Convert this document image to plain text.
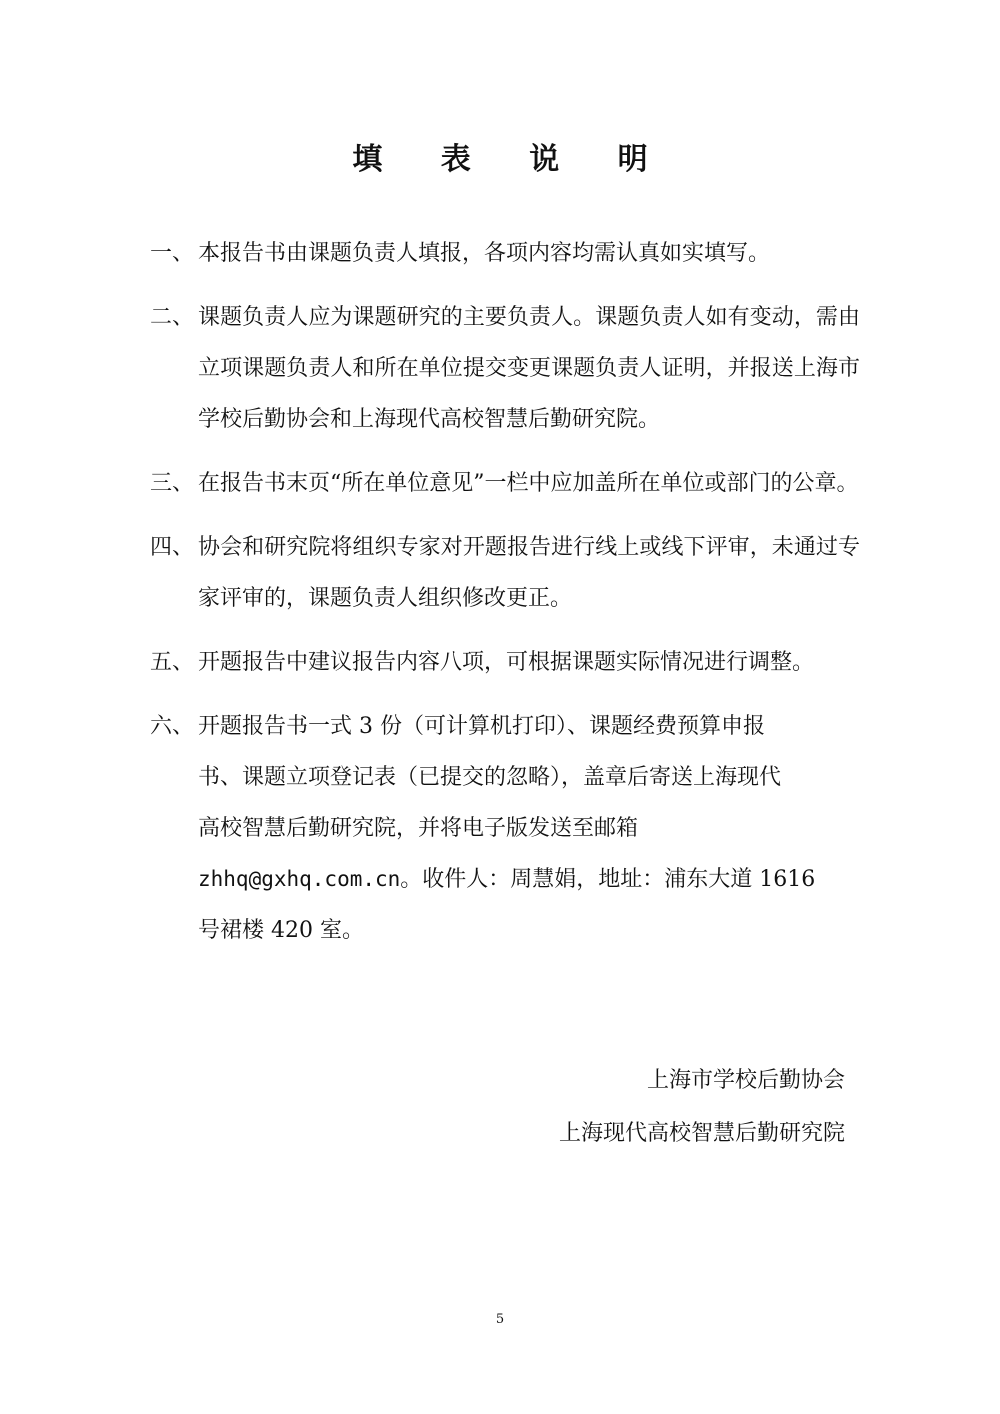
填 表 说 明
一、 本报告书由课题负责人填报，各项内容均需认真如实填写。
二、 课题负责人应为课题研究的主要负责人。课题负责人如有变动，需由立项课题负责人和所在单位提交变更课题负责人证明，并报送上海市学校后勤协会和上海现代高校智慧后勤研究院。
三、 在报告书末页“所在单位意见”一栏中应加盖所在单位或部门的公章。
四、 协会和研究院将组织专家对开题报告进行线上或线下评审，未通过专家评审的，课题负责人组织修改更正。
五、 开题报告中建议报告内容八项，可根据课题实际情况进行调整。
六、 开题报告书一式 3 份（可计算机打印）、课题经费预算申报
书、课题立项登记表（已提交的忽略），盖章后寄送上海现代
高校智慧后勤研究院，并将电子版发送至邮箱
zhhq@gxhq.com.cn。收件人：周慧娟，地址：浦东大道 1616
号裙楼 420 室。
上海市学校后勤协会
上海现代高校智慧后勤研究院
5
